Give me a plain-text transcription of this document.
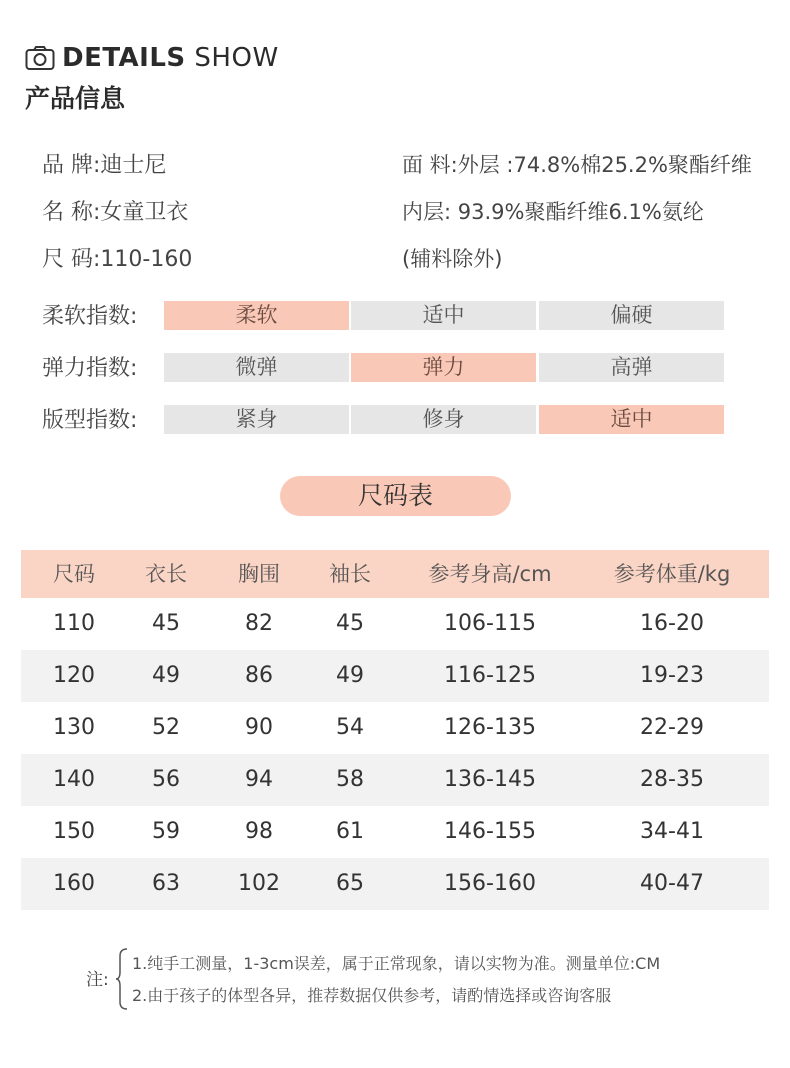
DETAILS SHOW
产品信息
品 牌:迪士尼
名 称:女童卫衣
尺 码:110-160
面 料:外层 :74.8%棉25.2%聚酯纤维
内层: 93.9%聚酯纤维6.1%氨纶
(辅料除外)
柔软指数:	柔软	适中	偏硬
弹力指数:	微弹	弹力	高弹
版型指数:	紧身	修身	适中
尺码表
尺码	衣长	胸围	袖长	参考身高/cm	参考体重/kg
110	45	82	45	106-115	16-20
120	49	86	49	116-125	19-23
130	52	90	54	126-135	22-29
140	56	94	58	136-145	28-35
150	59	98	61	146-155	34-41
160	63	102	65	156-160	40-47
注:
1.纯手工测量，1-3cm误差，属于正常现象，请以实物为准。测量单位:CM
2.由于孩子的体型各异，推荐数据仅供参考，请酌情选择或咨询客服
